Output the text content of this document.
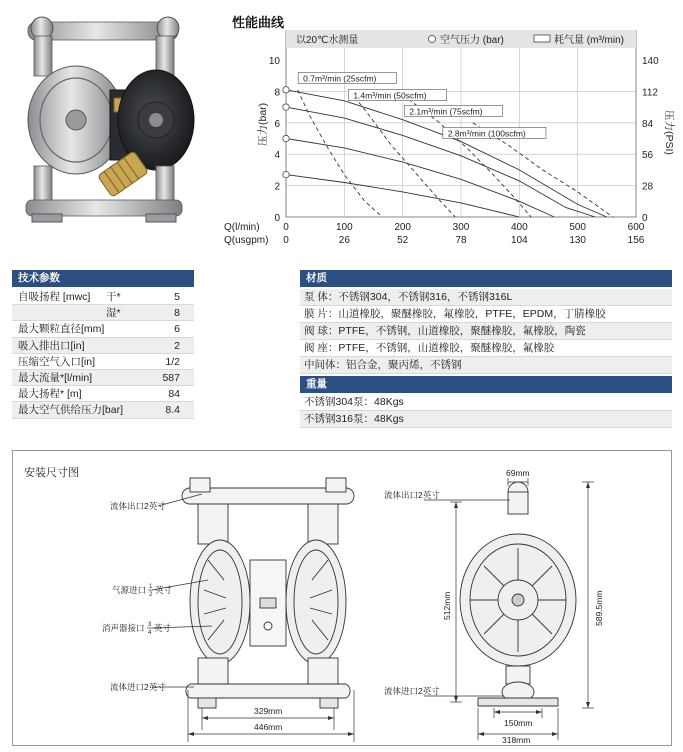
性能曲线
0
0
100
26
200
52
300
78
400
104
500
130
600
156
0	0
2	28
4	56
6	84
8	112
10	140
0.7m³/min (25scfm)
1.4m³/min (50scfm)
2.1m³/min (75scfm)
2.8m³/min (100scfm)
以20℃水测量	空气压力 (bar)	耗气量 (m³/min)
压力(bar)	压力(PSI)
Q(l/min)
Q(usgpm)
技术参数
自吸扬程 [mwc] 干*	5
湿*	8
最大颗粒直径[mm]	6
吸入排出口[in]	2
压缩空气入口[in]	1/2
最大流量*[l/min]	587
最大扬程* [m]	84
最大空气供给压力[bar]	8.4
材质
泵 体：不锈钢304，不锈钢316，不锈钢316L
膜 片：山道橡胶，聚醚橡胶，氟橡胶，PTFE，EPDM，丁腈橡胶
阀 球：PTFE，不锈钢，山道橡胶，聚醚橡胶，氟橡胶，陶瓷
阀 座：PTFE，不锈钢，山道橡胶，聚醚橡胶，氟橡胶
中间体：铝合金，聚丙烯，不锈钢
重量
不锈钢304泵：48Kgs
不锈钢316泵：48Kgs
安装尺寸图
流体出口2英寸
气源进口 1
2 英寸
消声器接口 3
4 英寸
流体进口2英寸
329mm
446mm
69mm
流体出口2英寸
流体进口2英寸
512mm	589.5mm
150mm
318mm
